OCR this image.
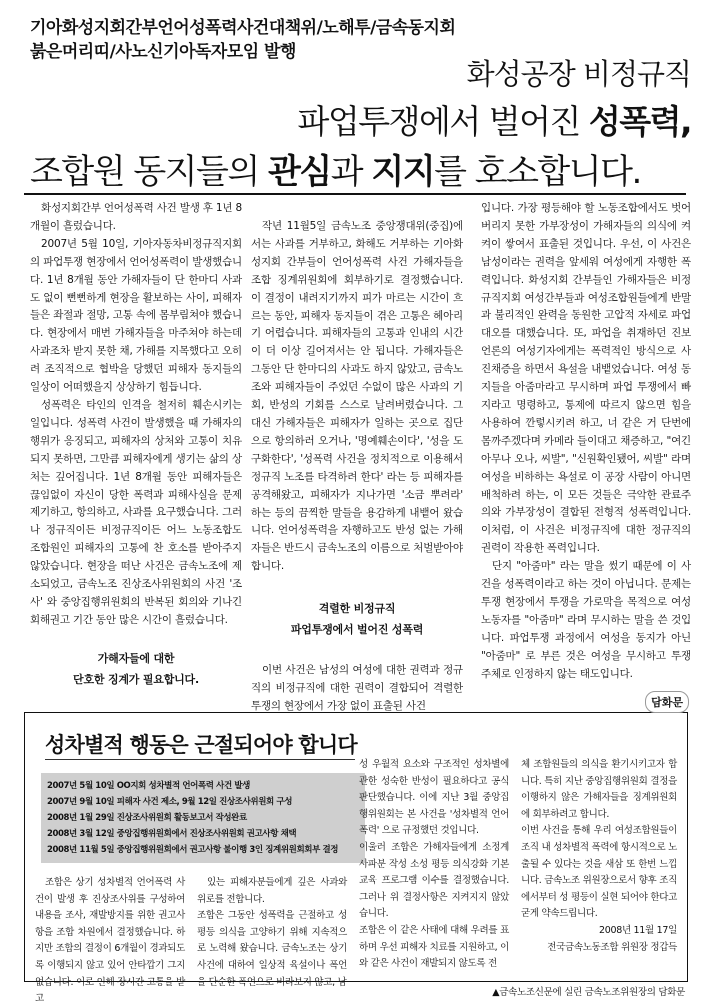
기아화성지회간부언어성폭력사건대책위/노해투/금속동지회
붉은머리띠/사노신기아독자모임 발행
화성공장 비정규직
파업투쟁에서 벌어진 성폭력,
조합원 동지들의 관심과 지지를 호소합니다.

화성지회간부 언어성폭력 사건 발생 후 1년 8개월이 흘렀습니다.

2007년 5월 10일, 기아자동차비정규직지회의 파업투쟁 현장에서 언어성폭력이 발생했습니다. 1년 8개월 동안 가해자들이 단 한마디 사과도 없이 뻔뻔하게 현장을 활보하는 사이, 피해자들은 좌절과 절망, 고통 속에 몸부림쳐야 했습니다. 현장에서 매번 가해자들을 마주쳐야 하는데 사과조차 받지 못한 채, 가해를 지목했다고 오히려 조직적으로 협박을 당했던 피해자 동지들의 일상이 어떠했을지 상상하기 힘듭니다.

성폭력은 타인의 인격을 철저히 훼손시키는 일입니다. 성폭력 사건이 발생했을 때 가해자의 행위가 응징되고, 피해자의 상처와 고통이 치유되지 못하면, 그만큼 피해자에게 생기는 삶의 상처는 깊어집니다. 1년 8개월 동안 피해자들은 끊임없이 자신이 당한 폭력과 피해사실을 문제제기하고, 항의하고, 사과를 요구했습니다. 그러나 정규직이든 비정규직이든 어느 노동조합도 조합원인 피해자의 고통에 찬 호소를 받아주지 않았습니다. 현장을 떠난 사건은 금속노조에 제소되었고, 금속노조 진상조사위원회의 사건 '조사' 와 중앙집행위원회의 반복된 회의와 기나긴 회해권고 기간 동안 많은 시간이 흘렀습니다.

가해자들에 대한

단호한 징계가 필요합니다.

작년 11월5일 금속노조 중앙쟁대위(중집)에서는 사과를 거부하고, 화해도 거부하는 기아화성지회 간부들이 언어성폭력 사건 가해자들을 조합 징계위원회에 회부하기로 결정했습니다. 이 결정이 내려지기까지 피가 마르는 시간이 흐르는 동안, 피해자 동지들이 겪은 고통은 헤아리기 어렵습니다. 피해자들의 고통과 인내의 시간이 더 이상 길어져서는 안 됩니다. 가해자들은 그동안 단 한마디의 사과도 하지 않았고, 금속노조와 피해자들이 주었던 수없이 많은 사과의 기회, 반성의 기회를 스스로 날려버렸습니다. 그 대신 가해자들은 피해자가 일하는 곳으로 집단으로 항의하러 오거나, '명예훼손이다', '성을 도구화한다', '성폭력 사건을 정치적으로 이용해서 정규직 노조를 타격하려 한다' 라는 등 피해자를 공격해왔고, 피해자가 지나가면 '소금 뿌려라' 하는 등의 끔찍한 말들을 용감하게 내뱉어 왔습니다. 언어성폭력을 자행하고도 반성 없는 가해자들은 반드시 금속노조의 이름으로 처벌받아야 합니다.

격렬한 비정규직

파업투쟁에서 벌어진 성폭력

이번 사건은 남성의 여성에 대한 권력과 정규직의 비정규직에 대한 권력이 결합되어 격렬한 투쟁의 현장에서 가장 없이 표출된 사건

입니다. 가장 평등해야 할 노동조합에서도 벗어버리지 못한 가부장성이 가해자들의 의식에 켜켜이 쌓여서 표출된 것입니다. 우선, 이 사건은 남성이라는 권력을 앞세워 여성에게 자행한 폭력입니다. 화성지회 간부들인 가해자들은 비정규직지회 여성간부들과 여성조합원들에게 반말과 불리적인 완력을 동원한 고압적 자세로 파업대오를 대했습니다. 또, 파업을 취재하던 진보언론의 여성기자에게는 폭력적인 방식으로 사진채증을 하면서 욕설을 내뱉었습니다. 여성 동지들을 아줌마라고 무시하며 파업 투쟁에서 빠지라고 명령하고, 통제에 따르지 않으면 힘을 사용하여 깐렇시키려 하고, 너 같은 거 단번에 몸까주겠다며 카메라 들이대고 채증하고, "여긴 아무나 오나, 씨발", "신원확인됐어, 씨발" 라며 여성을 비하하는 욕설로 이 공장 사람이 아니면 배척하려 하는, 이 모든 것들은 극악한 관료주의와 가부장성이 결합된 전형적 성폭력입니다. 이처럼, 이 사건은 비정규직에 대한 정규직의 권력이 작용한 폭력입니다.

단지 "아줌마" 라는 말을 썼기 때문에 이 사건을 성폭력이라고 하는 것이 아닙니다. 문제는 투쟁 현장에서 투쟁을 가로막을 목적으로 여성 노동자를 "아줌마" 라며 무시하는 말을 쓴 것입니다. 파업투쟁 과정에서 여성을 동지가 아닌 "아줌마" 로 부른 것은 여성을 무시하고 투쟁 주체로 인정하지 않는 태도입니다.

담화문
성차별적 행동은 근절되어야 합니다
2007년 5월 10일 OO지회 성차별적 언어폭력 사건 발생
2007년 9월 10일 피해자 사건 제소, 9월 12일 진상조사위원회 구성
2008년 1월 29일 진상조사위원회 활동보고서 작성완료
2008년 3월 12일 중앙집행위원회에서 진상조사위원회 권고사항 채택
2008년 11월 5일 중앙집행위원회에서 권고사항 불이행 3인 징계위원회회부 결정

조합은 상기 성차별적 언어폭력 사건이 발생 후 진상조사위를 구성하여 내용을 조사, 재발방지를 위한 권고사항을 조합 차원에서 결정했습니다. 하지만 조합의 결정이 6개월이 경과되도록 이행되지 않고 있어 안타깝기 그지없습니다. 이로 인해 장시간 고통을 받고

있는 피해자분들에게 깊은 사과와 위로를 전합니다.
조합은 그동안 성폭력을 근절하고 성평등 의식을 고양하기 위해 지속적으로 노력해 왔습니다. 금속노조는 상기 사건에 대하여 일상적 육설이나 폭언을 단순한 폭언으로 비라보지 않고, 남

성 우월적 요소와 구조적인 성차별에 관한 성숙한 반성이 필요하다고 공식 판단했습니다. 이에 지난 3월 중앙집행위원회는 본 사건을 '성차별적 언어폭력' 으로 규정했던 것입니다.
이울러 조합은 가해자들에게 소정계 사파분 작성 소성 평등 의식강화 기본 교육 프로그램 이수를 결정했습니다. 그러나 위 결정사항은 지켜지지 않았습니다.
조합은 이 같은 사태에 대해 우려를 표하며 우선 피해자 치료를 지원하고, 이와 같은 사건이 재발되지 않도록 전

체 조합원들의 의식을 환기시키고자 합니다. 특히 지난 중앙집행위원회 결정을 이행하지 않은 가해자들을 징계위원회에 회부하려고 합니다.
이번 사건을 통해 우리 여성조합원들이 조직 내 성차별적 폭력에 항시적으로 노출될 수 있다는 것을 새삼 또 한번 느낍니다. 금속노조 위원장으로서 향후 조직에서부터 성 평등이 실현 되어야 한다고 굳게 약속드립니다.

2008년 11월 17일

전국금속노동조합 위원장 정갑득

▲금속노조신문에 실린 금속노조위원장의 담화문
